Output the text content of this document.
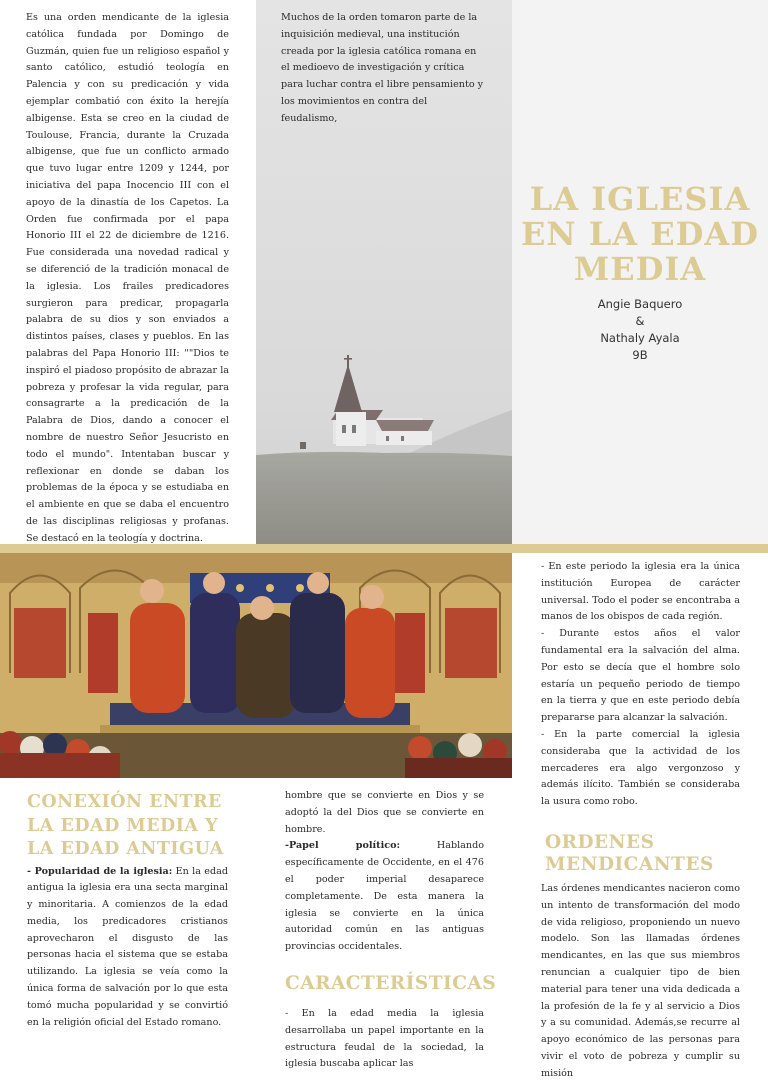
Es una orden mendicante de la iglesia católica fundada por Domingo de Guzmán, quien fue un religioso español y santo católico, estudió teología en Palencia y con su predicación y vida ejemplar combatió con éxito la herejía albigense. Esta se creo en la ciudad de Toulouse, Francia, durante la Cruzada albigense, que fue un conflicto armado que tuvo lugar entre 1209 y 1244, por iniciativa del papa Inocencio III con el apoyo de la dinastía de los Capetos. La Orden fue confirmada por el papa Honorio III el 22 de diciembre de 1216. Fue considerada una novedad radical y se diferenció de la tradición monacal de la iglesia. Los frailes predicadores surgieron para predicar, propagarla palabra de su dios y son enviados a distintos países, clases y pueblos. En las palabras del Papa Honorio III: ""Dios te inspiró el piadoso propósito de abrazar la pobreza y profesar la vida regular, para consagrarte a la predicación de la Palabra de Dios, dando a conocer el nombre de nuestro Señor Jesucristo en todo el mundo". Intentaban buscar y reflexionar en donde se daban los problemas de la época y se estudiaba en el ambiente en que se daba el encuentro de las disciplinas religiosas y profanas. Se destacó en la teología y doctrina.

Muchos de la orden tomaron parte de la inquisición medieval, una institución creada por la iglesia católica romana en el medioevo de investigación y crítica para luchar contra el libre pensamiento y los movimientos en contra del feudalismo,

LA IGLESIA
EN LA EDAD
MEDIA
Angie Baquero
&
Nathaly Ayala
9B
CONEXIÓN ENTRE LA EDAD MEDIA Y LA EDAD ANTIGUA

- Popularidad de la iglesia: En la edad antigua la iglesia era una secta marginal y minoritaria. A comienzos de la edad media, los predicadores cristianos aprovecharon el disgusto de las personas hacia el sistema que se estaba utilizando. La iglesia se veía como la única forma de salvación por lo que esta tomó mucha popularidad y se convirtió en la religión oficial del Estado romano.

hombre que se convierte en Dios y se adoptó la del Dios que se convierte en hombre.

-Papel político: Hablando específicamente de Occidente, en el 476 el poder imperial desaparece completamente. De esta manera la iglesia se convierte en la única autoridad común en las antiguas provincias occidentales.

CARACTERÍSTICAS

- En la edad media la iglesia desarrollaba un papel importante en la estructura feudal de la sociedad, la iglesia buscaba aplicar las

- En este periodo la iglesia era la única institución Europea de carácter universal. Todo el poder se encontraba a manos de los obispos de cada región.

- Durante estos años el valor fundamental era la salvación del alma. Por esto se decía que el hombre solo estaría un pequeño periodo de tiempo en la tierra y que en este periodo debía prepararse para alcanzar la salvación.

- En la parte comercial la iglesia consideraba que la actividad de los mercaderes era algo vergonzoso y además ilícito. También se consideraba la usura como robo.

ORDENES MENDICANTES

Las órdenes mendicantes nacieron como un intento de transformación del modo de vida religioso, proponiendo un nuevo modelo. Son las llamadas órdenes mendicantes, en las que sus miembros renuncian a cualquier tipo de bien material para tener una vida dedicada a la profesión de la fe y al servicio a Dios y a su comunidad. Además,se recurre al apoyo económico de las personas para vivir el voto de pobreza y cumplir su misión
